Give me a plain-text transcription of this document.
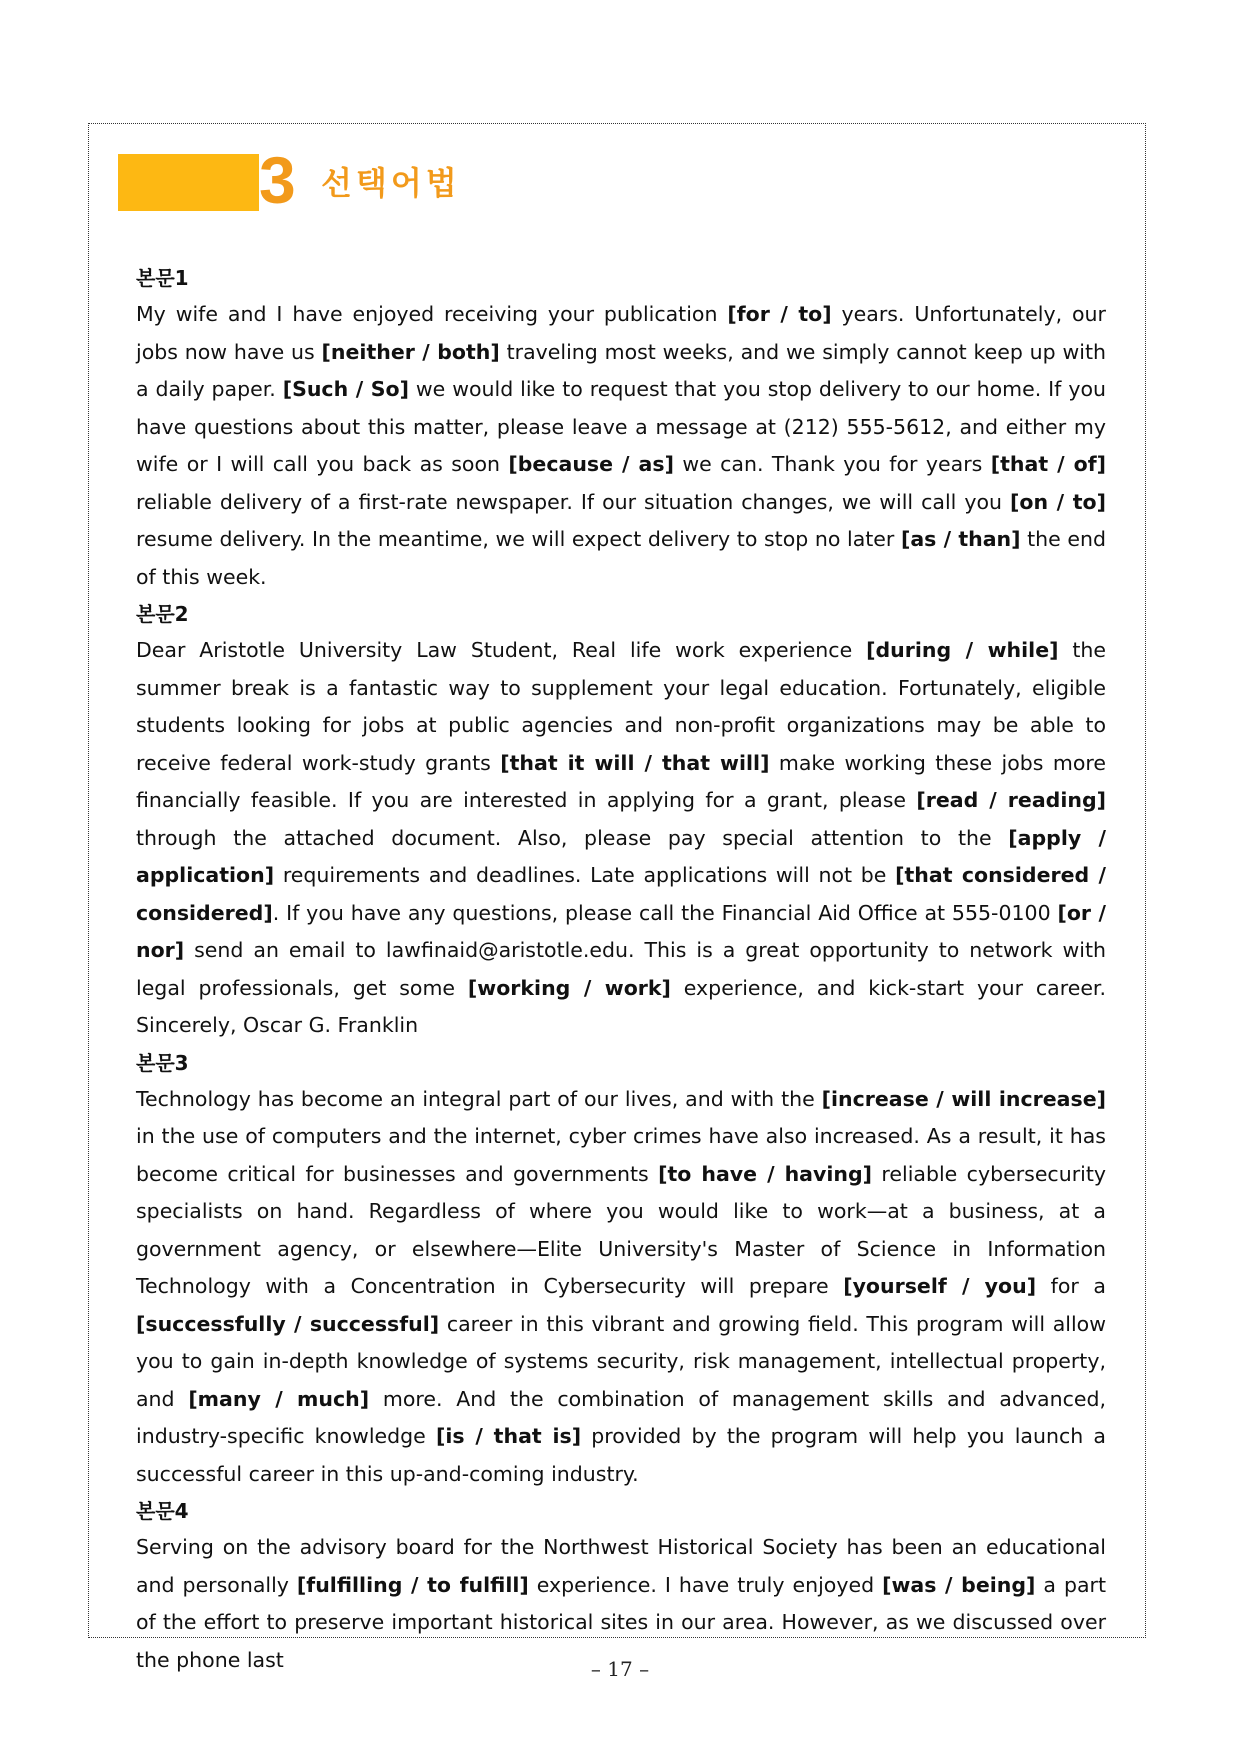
3 선택어법
본문1

My wife and I have enjoyed receiving your publication [for / to] years. Unfortunately, our jobs now have us [neither / both] traveling most weeks, and we simply cannot keep up with a daily paper. [Such / So] we would like to request that you stop delivery to our home. If you have questions about this matter, please leave a message at (212) 555-5612, and either my wife or I will call you back as soon [because / as] we can. Thank you for years [that / of] reliable delivery of a first-rate newspaper. If our situation changes, we will call you [on / to] resume delivery. In the meantime, we will expect delivery to stop no later [as / than] the end of this week.

본문2

Dear Aristotle University Law Student, Real life work experience [during / while] the summer break is a fantastic way to supplement your legal education. Fortunately, eligible students looking for jobs at public agencies and non-profit organizations may be able to receive federal work-study grants [that it will / that will] make working these jobs more financially feasible. If you are interested in applying for a grant, please [read / reading] through the attached document. Also, please pay special attention to the [apply / application] requirements and deadlines. Late applications will not be [that considered / considered]. If you have any questions, please call the Financial Aid Office at 555-0100 [or / nor] send an email to lawfinaid@aristotle.edu. This is a great opportunity to network with legal professionals, get some [working / work] experience, and kick-start your career. Sincerely, Oscar G. Franklin

본문3

Technology has become an integral part of our lives, and with the [increase / will increase] in the use of computers and the internet, cyber crimes have also increased. As a result, it has become critical for businesses and governments [to have / having] reliable cybersecurity specialists on hand. Regardless of where you would like to work—at a business, at a government agency, or elsewhere—Elite University's Master of Science in Information Technology with a Concentration in Cybersecurity will prepare [yourself / you] for a [successfully / successful] career in this vibrant and growing field. This program will allow you to gain in-depth knowledge of systems security, risk management, intellectual property, and [many / much] more. And the combination of management skills and advanced, industry-specific knowledge [is / that is] provided by the program will help you launch a successful career in this up-and-coming industry.

본문4

Serving on the advisory board for the Northwest Historical Society has been an educational and personally [fulfilling / to fulfill] experience. I have truly enjoyed [was / being] a part of the effort to preserve important historical sites in our area. However, as we discussed over the phone last	– 17 –
